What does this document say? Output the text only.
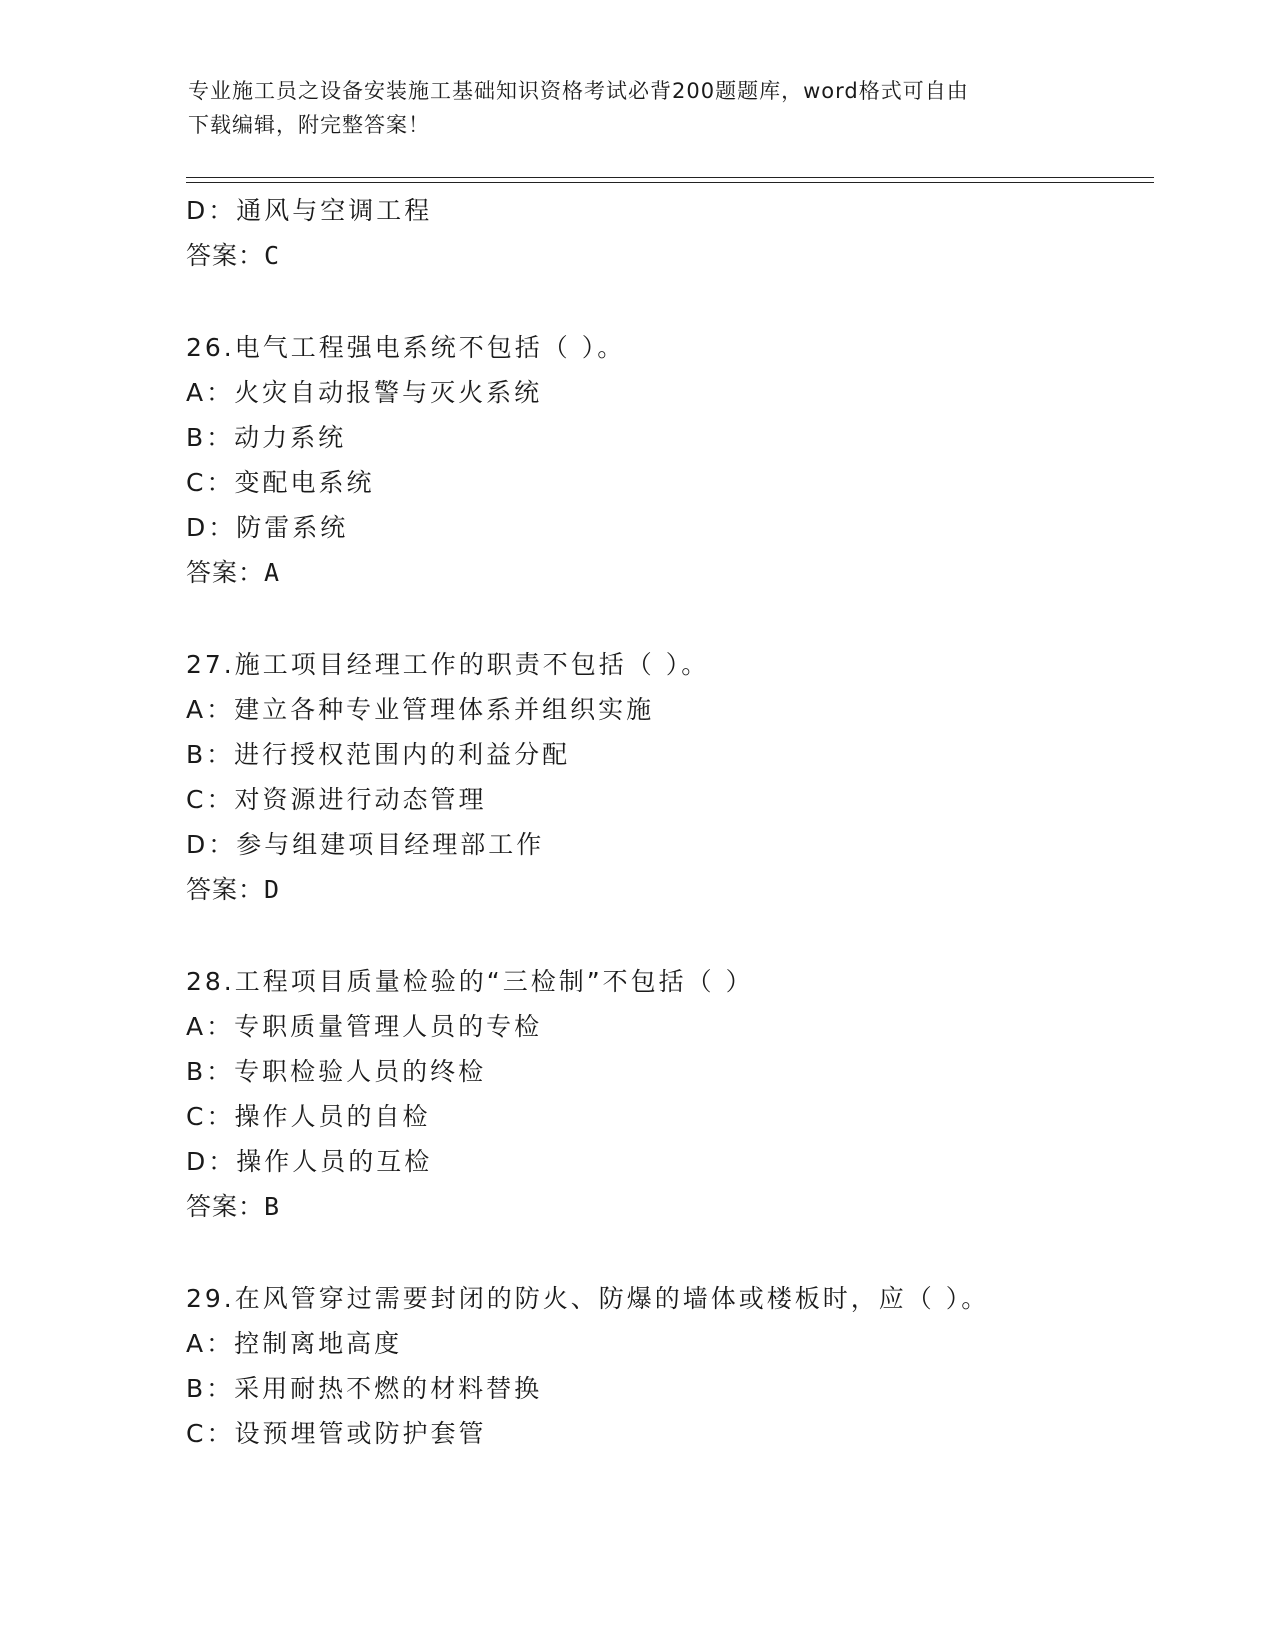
专业施工员之设备安装施工基础知识资格考试必背200题题库，word格式可自由
下载编辑，附完整答案！
D：通风与空调工程
答案：C
26.电气工程强电系统不包括（ ）。
A：火灾自动报警与灭火系统
B：动力系统
C：变配电系统
D：防雷系统
答案：A
27.施工项目经理工作的职责不包括（ ）。
A：建立各种专业管理体系并组织实施
B：进行授权范围内的利益分配
C：对资源进行动态管理
D：参与组建项目经理部工作
答案：D
28.工程项目质量检验的“三检制”不包括（ ）
A：专职质量管理人员的专检
B：专职检验人员的终检
C：操作人员的自检
D：操作人员的互检
答案：B
29.在风管穿过需要封闭的防火、防爆的墙体或楼板时，应（ ）。
A：控制离地高度
B：采用耐热不燃的材料替换
C：设预埋管或防护套管
